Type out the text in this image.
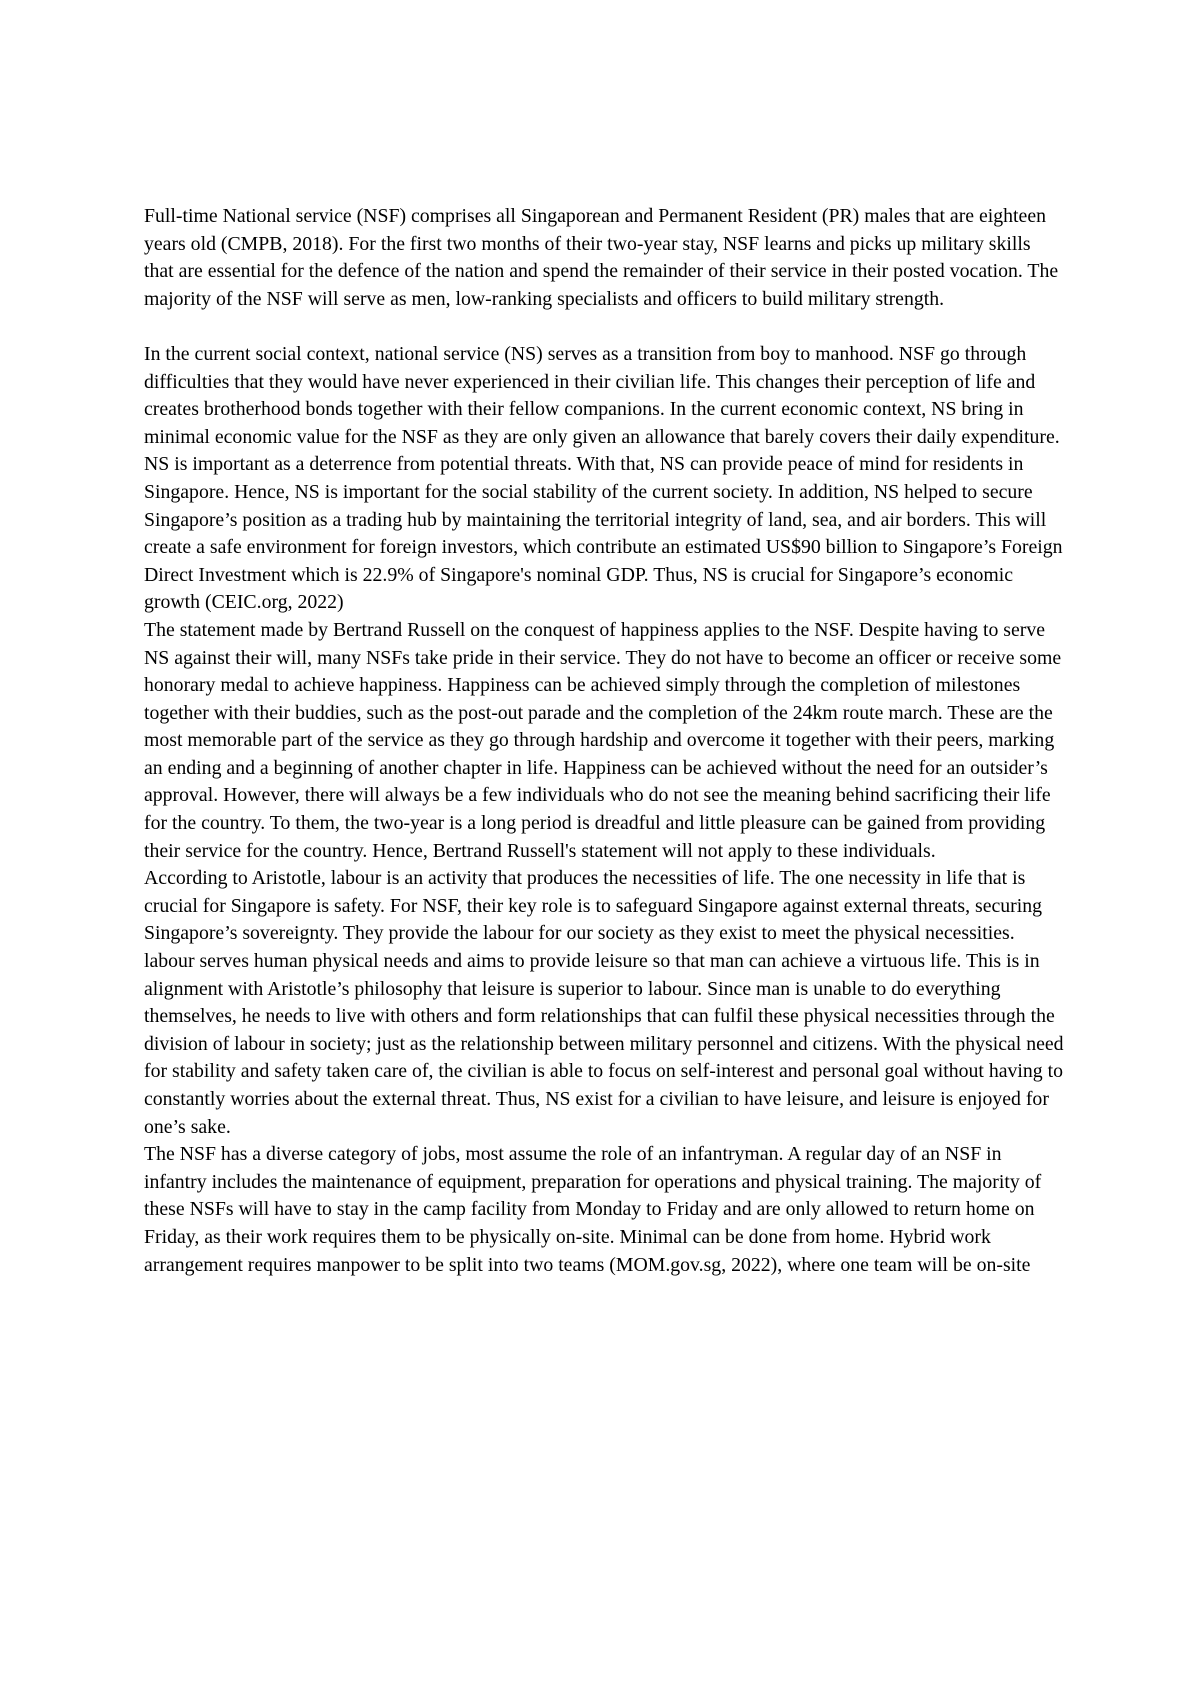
Full-time National service (NSF) comprises all Singaporean and Permanent Resident (PR) males that are eighteen years old (CMPB, 2018). For the first two months of their two-year stay, NSF learns and picks up military skills that are essential for the defence of the nation and spend the remainder of their service in their posted vocation. The majority of the NSF will serve as men, low-ranking specialists and officers to build military strength.

In the current social context, national service (NS) serves as a transition from boy to manhood. NSF go through difficulties that they would have never experienced in their civilian life. This changes their perception of life and creates brotherhood bonds together with their fellow companions. In the current economic context, NS bring in minimal economic value for the NSF as they are only given an allowance that barely covers their daily expenditure. NS is important as a deterrence from potential threats. With that, NS can provide peace of mind for residents in Singapore. Hence, NS is important for the social stability of the current society. In addition, NS helped to secure Singapore’s position as a trading hub by maintaining the territorial integrity of land, sea, and air borders. This will create a safe environment for foreign investors, which contribute an estimated US$90 billion to Singapore’s Foreign Direct Investment which is 22.9% of Singapore's nominal GDP. Thus, NS is crucial for Singapore’s economic growth (CEIC.org, 2022)

The statement made by Bertrand Russell on the conquest of happiness applies to the NSF. Despite having to serve NS against their will, many NSFs take pride in their service. They do not have to become an officer or receive some honorary medal to achieve happiness. Happiness can be achieved simply through the completion of milestones together with their buddies, such as the post-out parade and the completion of the 24km route march. These are the most memorable part of the service as they go through hardship and overcome it together with their peers, marking an ending and a beginning of another chapter in life. Happiness can be achieved without the need for an outsider’s approval. However, there will always be a few individuals who do not see the meaning behind sacrificing their life for the country. To them, the two-year is a long period is dreadful and little pleasure can be gained from providing their service for the country. Hence, Bertrand Russell's statement will not apply to these individuals.

According to Aristotle, labour is an activity that produces the necessities of life. The one necessity in life that is crucial for Singapore is safety. For NSF, their key role is to safeguard Singapore against external threats, securing Singapore’s sovereignty. They provide the labour for our society as they exist to meet the physical necessities. labour serves human physical needs and aims to provide leisure so that man can achieve a virtuous life. This is in alignment with Aristotle’s philosophy that leisure is superior to labour. Since man is unable to do everything themselves, he needs to live with others and form relationships that can fulfil these physical necessities through the division of labour in society; just as the relationship between military personnel and citizens. With the physical need for stability and safety taken care of, the civilian is able to focus on self-interest and personal goal without having to constantly worries about the external threat. Thus, NS exist for a civilian to have leisure, and leisure is enjoyed for one’s sake.

The NSF has a diverse category of jobs, most assume the role of an infantryman. A regular day of an NSF in infantry includes the maintenance of equipment, preparation for operations and physical training. The majority of these NSFs will have to stay in the camp facility from Monday to Friday and are only allowed to return home on Friday, as their work requires them to be physically on-site. Minimal can be done from home. Hybrid work arrangement requires manpower to be split into two teams (MOM.gov.sg, 2022), where one team will be on-site
